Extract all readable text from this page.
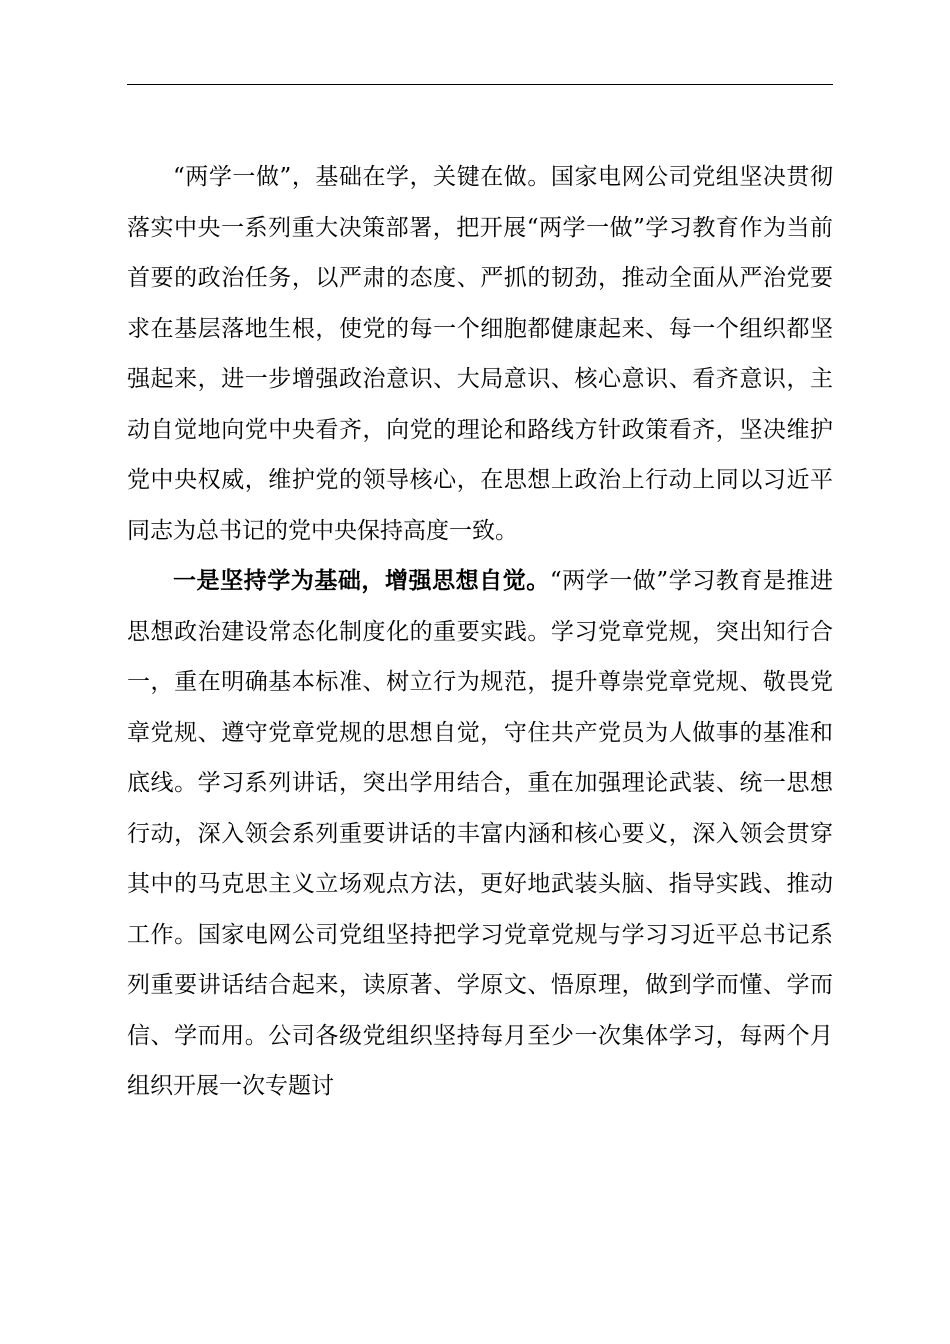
“两学一做”，基础在学，关键在做。国家电网公司党组坚决贯彻落实中央一系列重大决策部署，把开展“两学一做”学习教育作为当前首要的政治任务，以严肃的态度、严抓的韧劲，推动全面从严治党要求在基层落地生根，使党的每一个细胞都健康起来、每一个组织都坚强起来，进一步增强政治意识、大局意识、核心意识、看齐意识，主动自觉地向党中央看齐，向党的理论和路线方针政策看齐，坚决维护党中央权威，维护党的领导核心，在思想上政治上行动上同以习近平同志为总书记的党中央保持高度一致。

一是坚持学为基础，增强思想自觉。“两学一做”学习教育是推进思想政治建设常态化制度化的重要实践。学习党章党规，突出知行合一，重在明确基本标准、树立行为规范，提升尊崇党章党规、敬畏党章党规、遵守党章党规的思想自觉，守住共产党员为人做事的基准和底线。学习系列讲话，突出学用结合，重在加强理论武装、统一思想行动，深入领会系列重要讲话的丰富内涵和核心要义，深入领会贯穿其中的马克思主义立场观点方法，更好地武装头脑、指导实践、推动工作。国家电网公司党组坚持把学习党章党规与学习习近平总书记系列重要讲话结合起来，读原著、学原文、悟原理，做到学而懂、学而信、学而用。公司各级党组织坚持每月至少一次集体学习，每两个月组织开展一次专题讨
